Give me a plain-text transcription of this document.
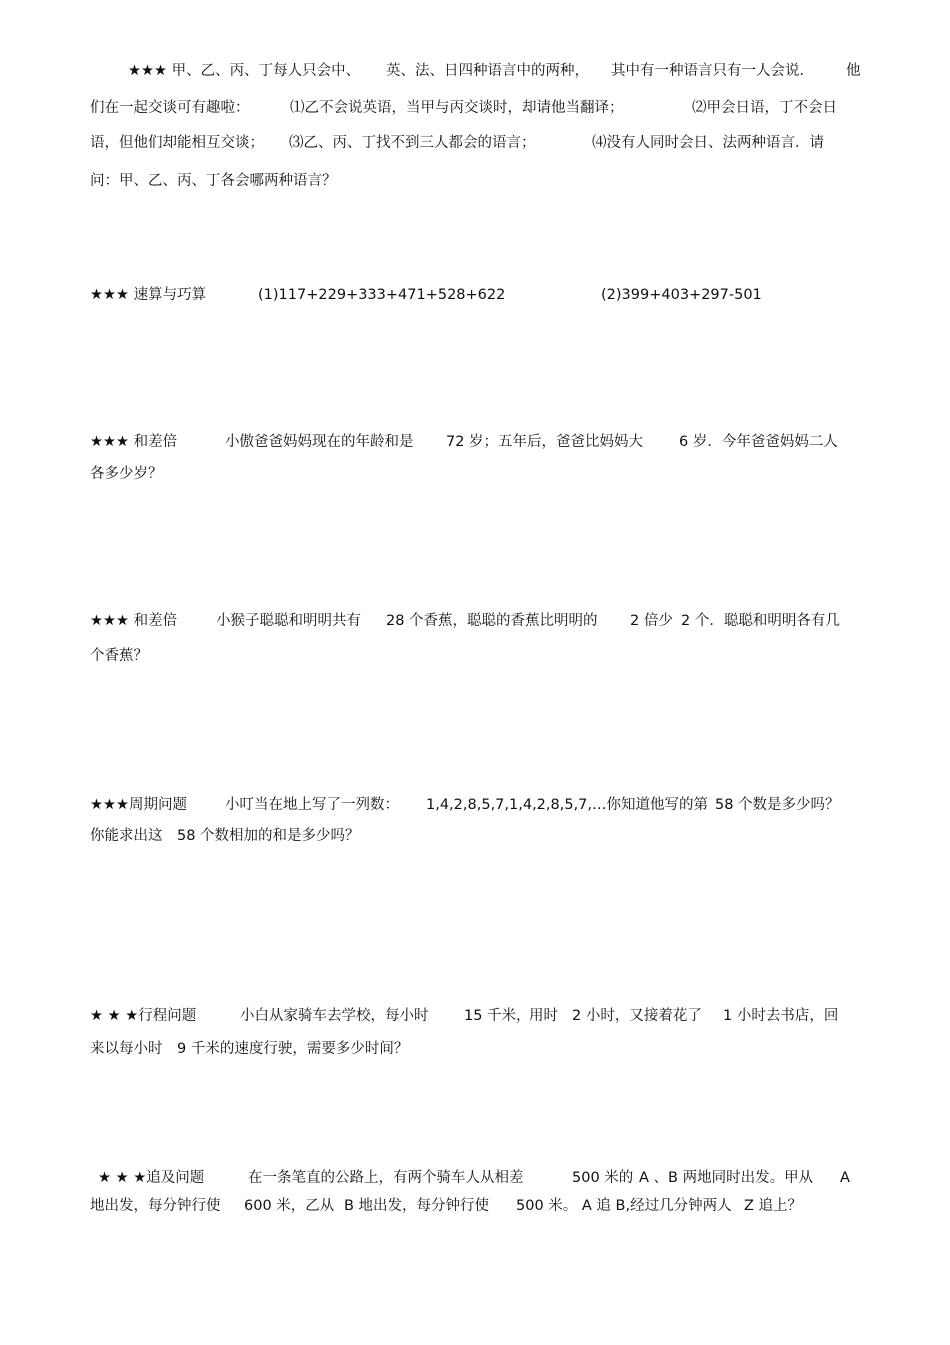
★★★ 甲、乙、丙、丁每人只会中、 英、法、日四种语言中的两种， 其中有一种语言只有一人会说． 他
们在一起交谈可有趣啦：	⑴乙不会说英语，当甲与丙交谈时，却请他当翻译；	⑵甲会日语，丁不会日
语，但他们却能相互交谈； ⑶乙、丙、丁找不到三人都会的语言；	⑷没有人同时会日、法两种语言．请
问：甲、乙、丙、丁各会哪两种语言？
★★★ 速算与巧算	(1)117+229+333+471+528+622	(2)399+403+297-501
★★★ 和差倍	小傲爸爸妈妈现在的年龄和是 72 岁；五年后，爸爸比妈妈大 6 岁．今年爸爸妈妈二人
各多少岁？
★★★ 和差倍	小猴子聪聪和明明共有 28 个香蕉，聪聪的香蕉比明明的 2 倍少 2 个．聪聪和明明各有几
个香蕉？
★★★周期问题	小叮当在地上写了一列数： 1,4,2,8,5,7,1,4,2,8,5,7,…你知道他写的第 58 个数是多少吗？
你能求出这 58 个数相加的和是多少吗？
★ ★ ★行程问题	小白从家骑车去学校，每小时 15 千米，
用时 2 小时，又接着花了 1 小时去书店，回
来以每小时 9 千米的速度行驶，需要多少时间？
★ ★ ★追及问题	在一条笔直的公路上，有两个骑车人从相差	500 米的 A 、B 两地同时出发。甲从 A
地出发，每分钟行使 600 米，乙从 B 地出发，每分钟行使 500 米。 A 追 B,经过几分钟两人 Z 追上？
